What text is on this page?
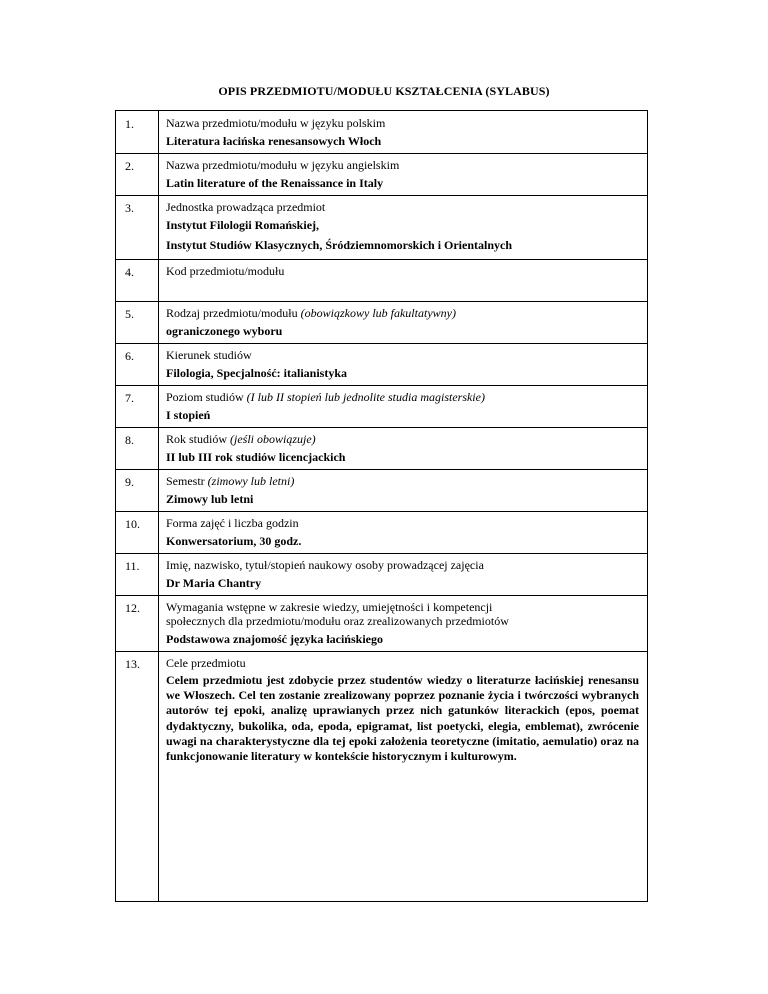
OPIS PRZEDMIOTU/MODUŁU KSZTAŁCENIA (SYLABUS)
1.	Nazwa przedmiotu/modułu w języku polskim
Literatura łacińska renesansowych Włoch
2.	Nazwa przedmiotu/modułu w języku angielskim
Latin literature of the Renaissance in Italy
3.	Jednostka prowadząca przedmiot
Instytut Filologii Romańskiej,
Instytut Studiów Klasycznych, Śródziemnomorskich i Orientalnych
4.	Kod przedmiotu/modułu
5.	Rodzaj przedmiotu/modułu (obowiązkowy lub fakultatywny)
ograniczonego wyboru
6.	Kierunek studiów
Filologia, Specjalność: italianistyka
7.	Poziom studiów (I lub II stopień lub jednolite studia magisterskie)
I stopień
8.	Rok studiów (jeśli obowiązuje)
II lub III rok studiów licencjackich
9.	Semestr (zimowy lub letni)
Zimowy lub letni
10. Forma zajęć i liczba godzin
Konwersatorium, 30 godz.
11. Imię, nazwisko, tytuł/stopień naukowy osoby prowadzącej zajęcia
Dr Maria Chantry
12. Wymagania wstępne w zakresie wiedzy, umiejętności i kompetencji
społecznych dla przedmiotu/modułu oraz zrealizowanych przedmiotów
Podstawowa znajomość języka łacińskiego
13. Cele przedmiotu
Celem przedmiotu jest zdobycie przez studentów wiedzy o literaturze łacińskiej renesansu we Włoszech. Cel ten zostanie zrealizowany poprzez poznanie życia i twórczości wybranych autorów tej epoki, analizę uprawianych przez nich gatunków literackich (epos, poemat dydaktyczny, bukolika, oda, epoda, epigramat, list poetycki, elegia, emblemat), zwrócenie uwagi na charakterystyczne dla tej epoki założenia teoretyczne (imitatio, aemulatio) oraz na funkcjonowanie literatury w kontekście historycznym i kulturowym.
